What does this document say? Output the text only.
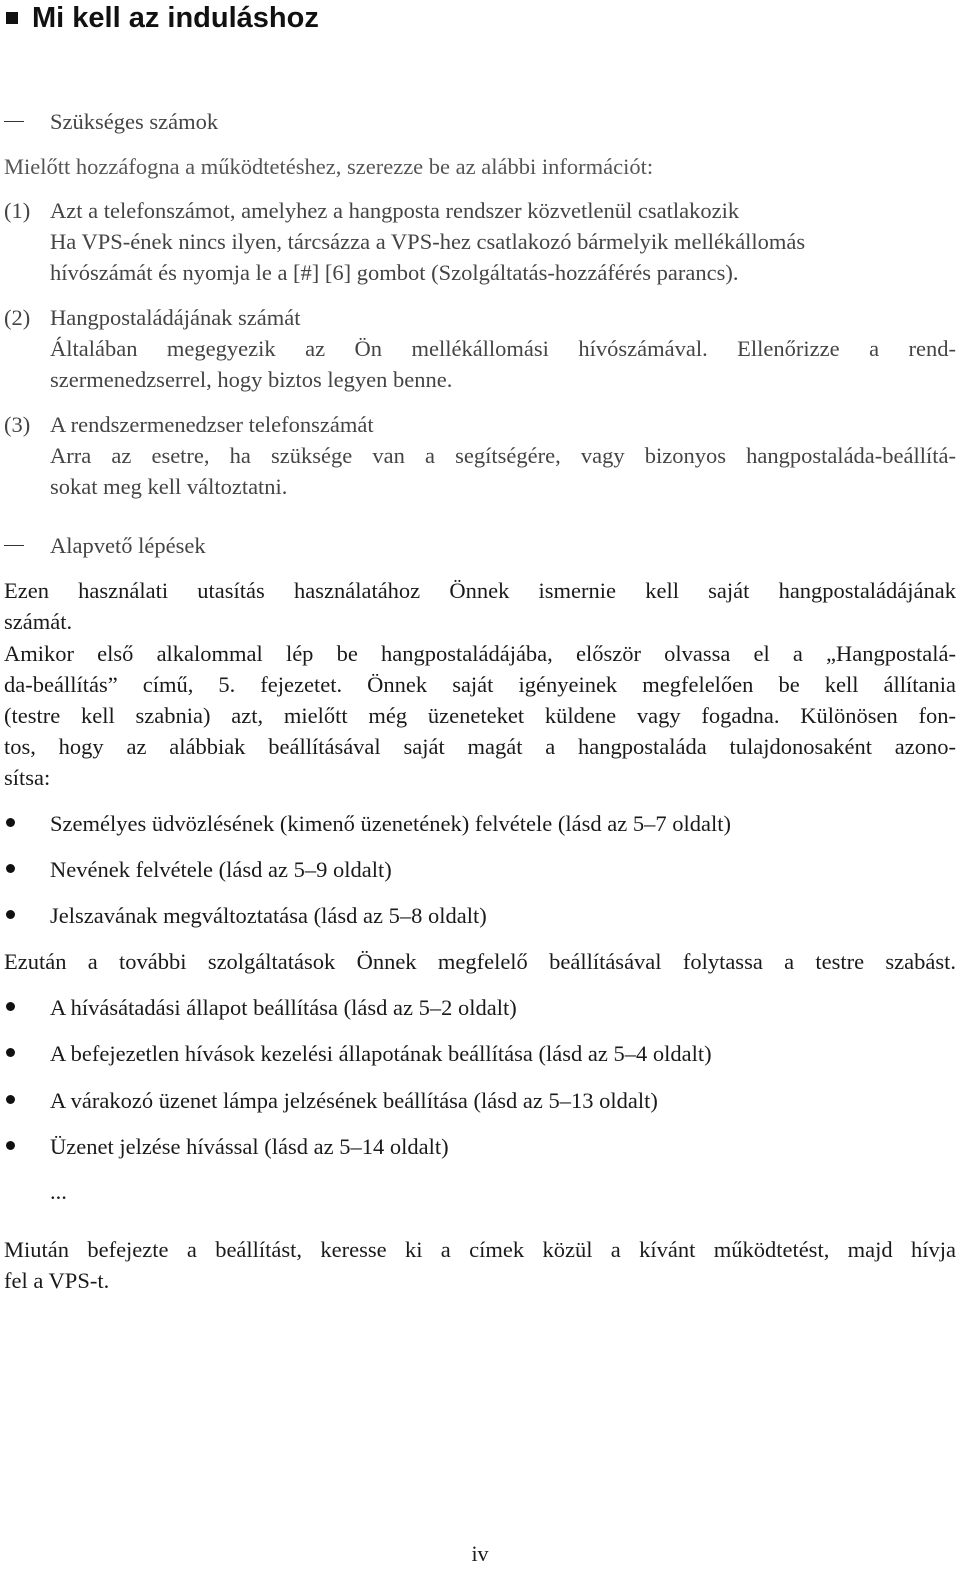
Mi kell az induláshoz
Szükséges számok
Mielőtt hozzáfogna a működtetéshez, szerezze be az alábbi információt:
(1) Azt a telefonszámot, amelyhez a hangposta rendszer közvetlenül csatlakozik
Ha VPS-ének nincs ilyen, tárcsázza a VPS-hez csatlakozó bármelyik mellékállomás
hívószámát és nyomja le a [#] [6] gombot (Szolgáltatás-hozzáférés parancs).
(2) Hangpostaládájának számát
Általában megegyezik az Ön mellékállomási hívószámával. Ellenőrizze a rend-
szermenedzserrel, hogy biztos legyen benne.
(3) A rendszermenedzser telefonszámát
Arra az esetre, ha szüksége van a segítségére, vagy bizonyos hangpostaláda-beállítá-
sokat meg kell változtatni.
Alapvető lépések
Ezen használati utasítás használatához Önnek ismernie kell saját hangpostaládájának
számát.
Amikor első alkalommal lép be hangpostaládájába, először olvassa el a „Hangpostalá-
da-beállítás” című, 5. fejezetet. Önnek saját igényeinek megfelelően be kell állítania
(testre kell szabnia) azt, mielőtt még üzeneteket küldene vagy fogadna. Különösen fon-
tos, hogy az alábbiak beállításával saját magát a hangpostaláda tulajdonosaként azono-
sítsa:
Személyes üdvözlésének (kimenő üzenetének) felvétele (lásd az 5–7 oldalt)
Nevének felvétele (lásd az 5–9 oldalt)
Jelszavának megváltoztatása (lásd az 5–8 oldalt)
Ezután a további szolgáltatások Önnek megfelelő beállításával folytassa a testre szabást.
A hívásátadási állapot beállítása (lásd az 5–2 oldalt)
A befejezetlen hívások kezelési állapotának beállítása (lásd az 5–4 oldalt)
A várakozó üzenet lámpa jelzésének beállítása (lásd az 5–13 oldalt)
Üzenet jelzése hívással (lásd az 5–14 oldalt)
...
Miután befejezte a beállítást, keresse ki a címek közül a kívánt működtetést, majd hívja
fel a VPS-t.
iv
